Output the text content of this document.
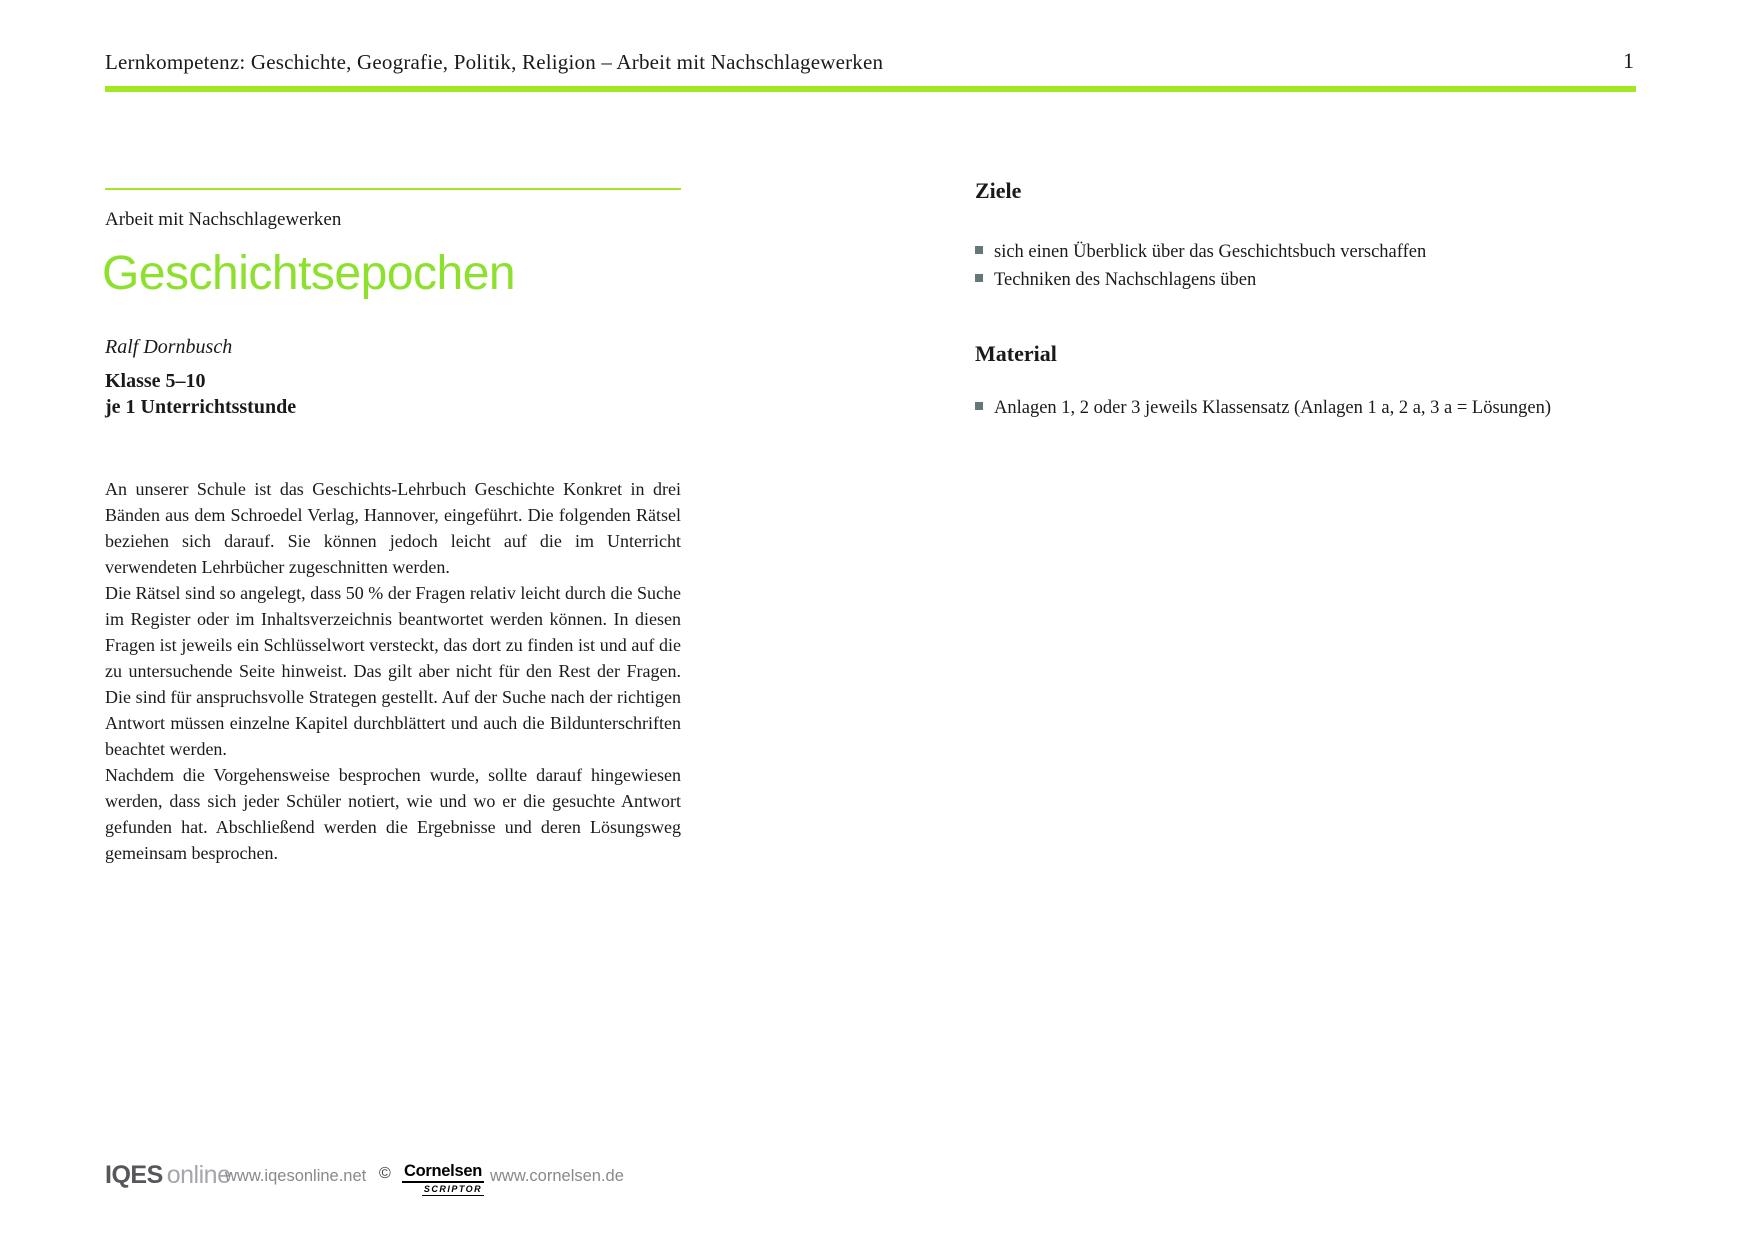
Lernkompetenz: Geschichte, Geografie, Politik, Religion – Arbeit mit Nachschlagewerken	1
Arbeit mit Nachschlagewerken
Geschichtsepochen
Ralf Dornbusch
Klasse 5–10
je 1 Unterrichtsstunde

An unserer Schule ist das Geschichts-Lehrbuch Geschichte Konkret in drei Bänden aus dem Schroedel Verlag, Hannover, eingeführt. Die folgenden Rätsel beziehen sich darauf. Sie können jedoch leicht auf die im Unterricht verwendeten Lehrbücher zugeschnitten werden.

Die Rätsel sind so angelegt, dass 50 % der Fragen relativ leicht durch die Suche im Register oder im Inhaltsverzeichnis beantwortet werden können. In diesen Fragen ist jeweils ein Schlüsselwort versteckt, das dort zu finden ist und auf die zu untersuchende Seite hinweist. Das gilt aber nicht für den Rest der Fragen. Die sind für anspruchsvolle Strategen gestellt. Auf der Suche nach der richtigen Antwort müssen einzelne Kapitel durchblättert und auch die Bildunterschriften beachtet werden.

Nachdem die Vorgehensweise besprochen wurde, sollte darauf hingewiesen werden, dass sich jeder Schüler notiert, wie und wo er die gesuchte Antwort gefunden hat. Abschließend werden die Ergebnisse und deren Lösungsweg gemeinsam besprochen.

Ziele
sich einen Überblick über das Geschichtsbuch verschaffen
Techniken des Nachschlagens üben
Material
Anlagen 1, 2 oder 3 jeweils Klassensatz (Anlagen 1 a, 2 a, 3 a = Lösungen)
IQES online
www.iqesonline.net © Cornelsen
SCRIPTOR
www.cornelsen.de
